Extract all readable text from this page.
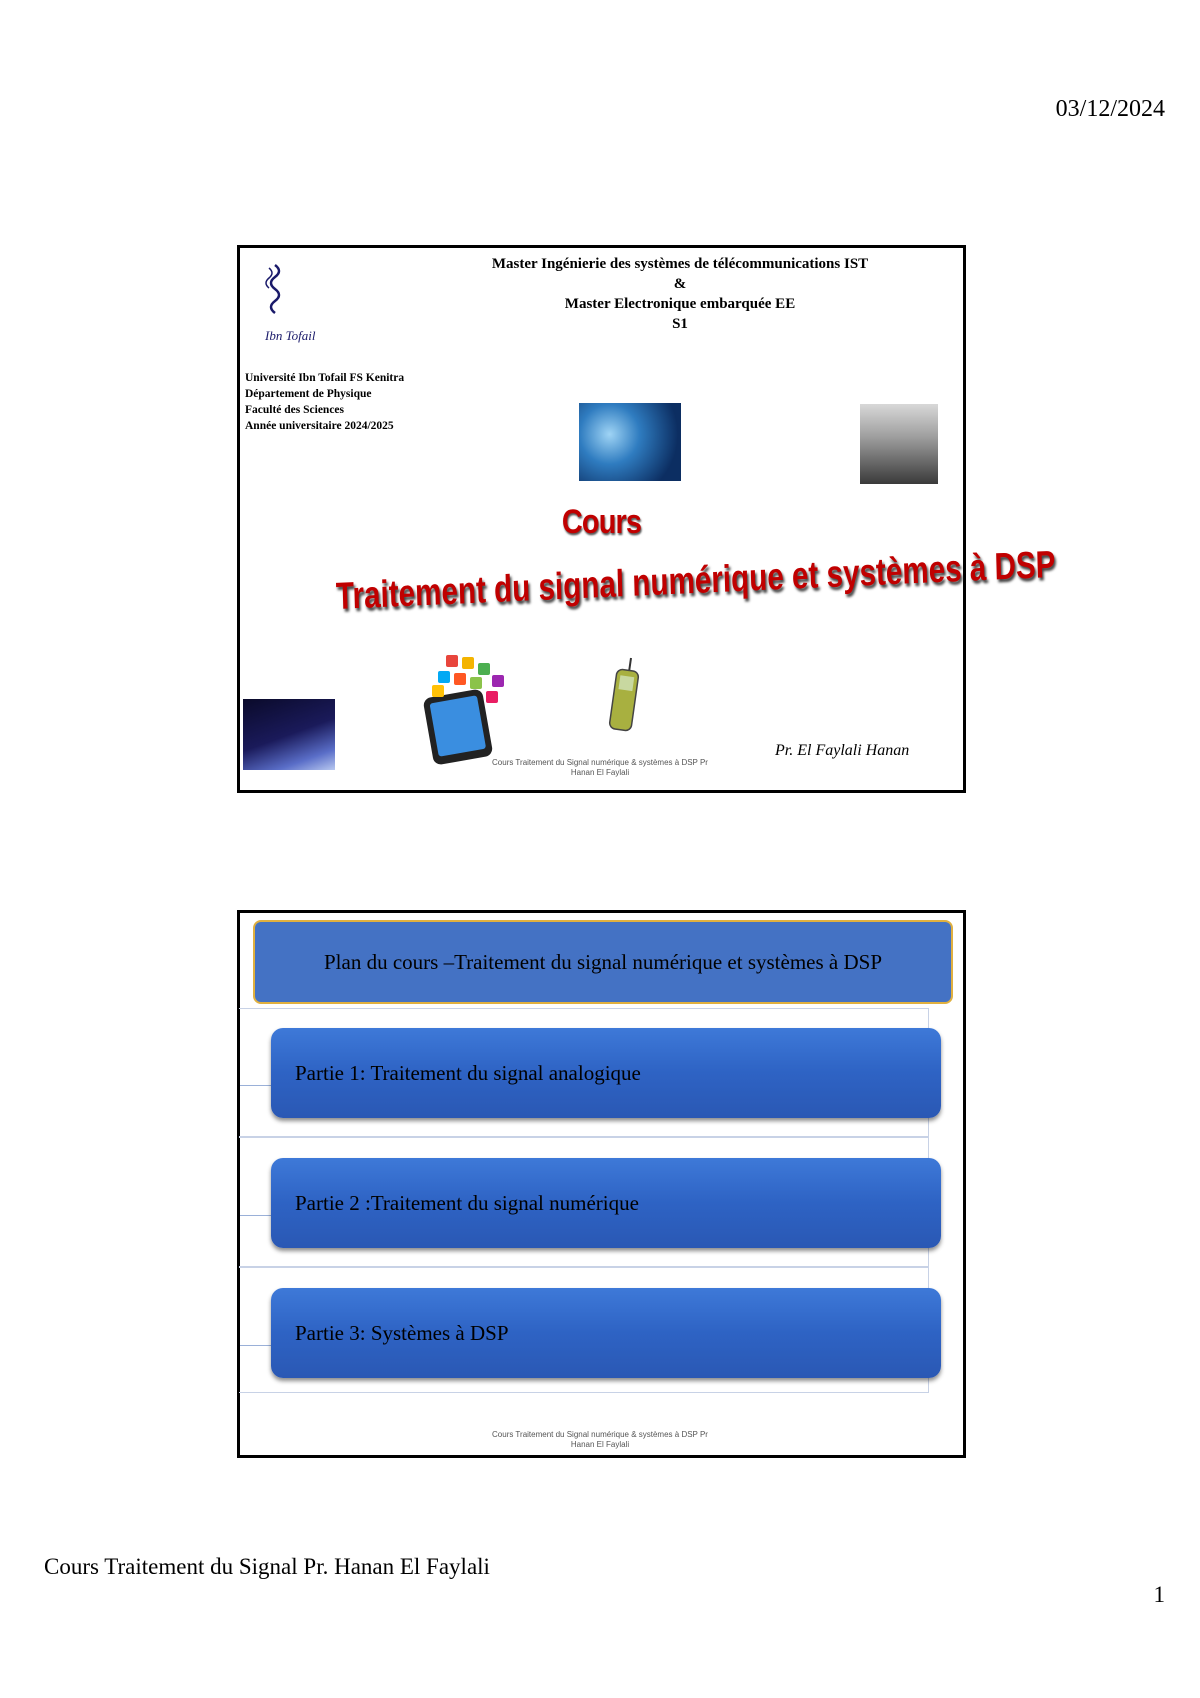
03/12/2024
Ibn Tofail
Master Ingénierie des systèmes de télécommunications IST
&
Master Electronique embarquée EE
S1
Université Ibn Tofail FS Kenitra
Département de Physique
Faculté des Sciences
Année universitaire 2024/2025
Cours
Traitement du signal numérique et systèmes à DSP
Pr. El Faylali Hanan
Cours Traitement du Signal numérique & systèmes à DSP Pr Hanan El Faylali
Plan du cours –Traitement du signal numérique et systèmes à DSP
Partie 1: Traitement du signal analogique
Partie 2 :Traitement du signal numérique
Partie 3: Systèmes à DSP
Cours Traitement du Signal numérique & systèmes à DSP Pr Hanan El Faylali
Cours Traitement du Signal Pr. Hanan El Faylali
1
